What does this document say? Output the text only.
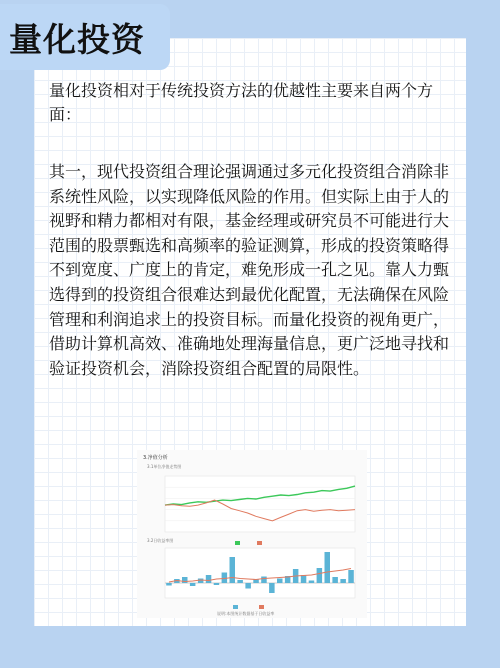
量化投资
量化投资相对于传统投资方法的优越性主要来自两个方面：
其一，现代投资组合理论强调通过多元化投资组合消除非系统性风险，以实现降低风险的作用。但实际上由于人的视野和精力都相对有限，基金经理或研究员不可能进行大范围的股票甄选和高频率的验证测算，形成的投资策略得不到宽度、广度上的肯定，难免形成一孔之见。靠人力甄选得到的投资组合很难达到最优化配置，无法确保在风险管理和利润追求上的投资目标。而量化投资的视角更广，借助计算机高效、准确地处理海量信息，更广泛地寻找和验证投资机会，消除投资组合配置的局限性。
3.净值分析
3.1单位净值走势图
3.2日收益率图
说明:本图统计数据基于日收益率
